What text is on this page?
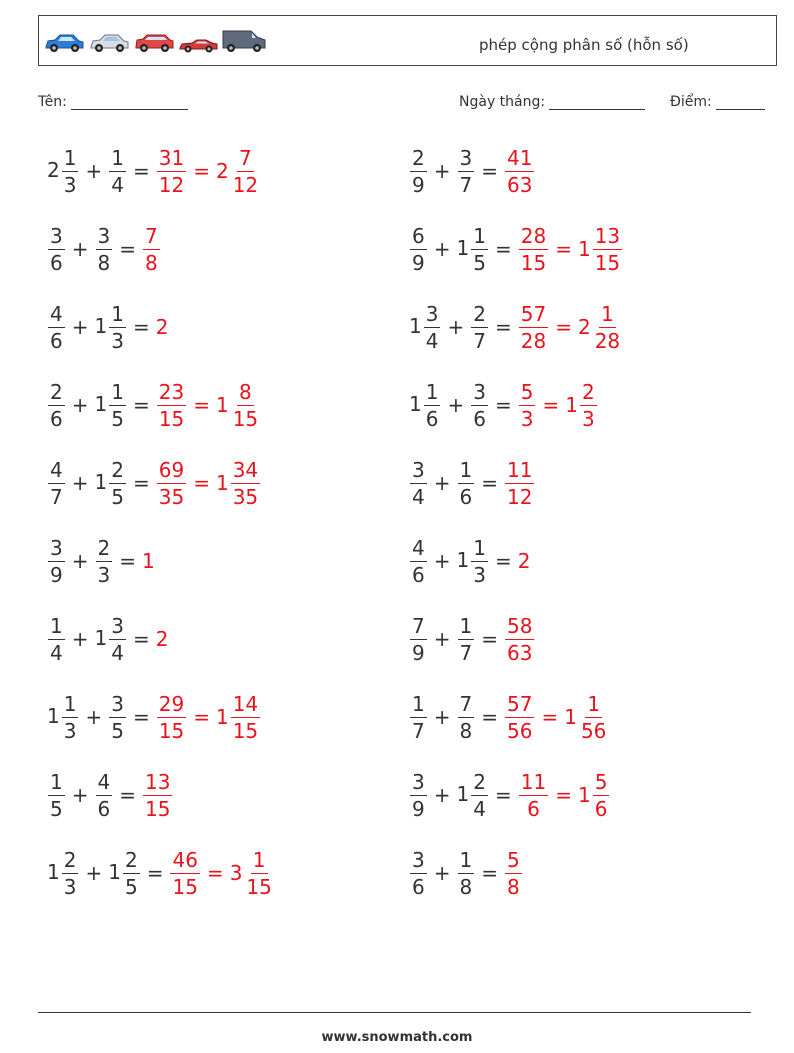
phép cộng phân số (hỗn số)
Tên:	Ngày tháng:	Điểm:
$2 \frac{1}{3} + \frac{1}{4} = \frac{31}{12} = 2 \frac{7}{12}$
$\frac{3}{6} + \frac{3}{8} = \frac{7}{8}$
$\frac{4}{6} + 1 \frac{1}{3} = 2$
$\frac{2}{6} + 1 \frac{1}{5} = \frac{23}{15} = 1 \frac{8}{15}$
$\frac{4}{7} + 1 \frac{2}{5} = \frac{69}{35} = 1 \frac{34}{35}$
$\frac{3}{9} + \frac{2}{3} = 1$
$\frac{1}{4} + 1 \frac{3}{4} = 2$
$1 \frac{1}{3} + \frac{3}{5} = \frac{29}{15} = 1 \frac{14}{15}$
$\frac{1}{5} + \frac{4}{6} = \frac{13}{15}$
$1 \frac{2}{3} + 1 \frac{2}{5} = \frac{46}{15} = 3 \frac{1}{15}$
$\frac{2}{9} + \frac{3}{7} = \frac{41}{63}$
$\frac{6}{9} + 1 \frac{1}{5} = \frac{28}{15} = 1 \frac{13}{15}$
$1 \frac{3}{4} + \frac{2}{7} = \frac{57}{28} = 2 \frac{1}{28}$
$1 \frac{1}{6} + \frac{3}{6} = \frac{5}{3} = 1 \frac{2}{3}$
$\frac{3}{4} + \frac{1}{6} = \frac{11}{12}$
$\frac{4}{6} + 1 \frac{1}{3} = 2$
$\frac{7}{9} + \frac{1}{7} = \frac{58}{63}$
$\frac{1}{7} + \frac{7}{8} = \frac{57}{56} = 1 \frac{1}{56}$
$\frac{3}{9} + 1 \frac{2}{4} = \frac{11}{6} = 1 \frac{5}{6}$
$\frac{3}{6} + \frac{1}{8} = \frac{5}{8}$
www.snowmath.com
